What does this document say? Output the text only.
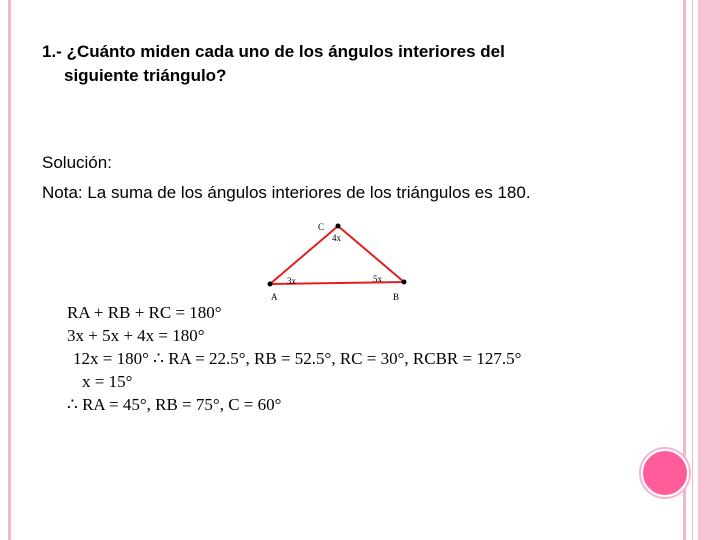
1.- ¿Cuánto miden cada uno de los ángulos interiores del
siguiente triángulo?
Solución:
Nota: La suma de los ángulos interiores de los triángulos es 180.
C
4x
3x	5x
A	B
RA + RB + RC = 180°
3x + 5x + 4x = 180°
12x = 180° ∴ RA = 22.5°, RB = 52.5°, RC = 30°, RCBR = 127.5°
x = 15°
∴ RA = 45°, RB = 75°, C = 60°
